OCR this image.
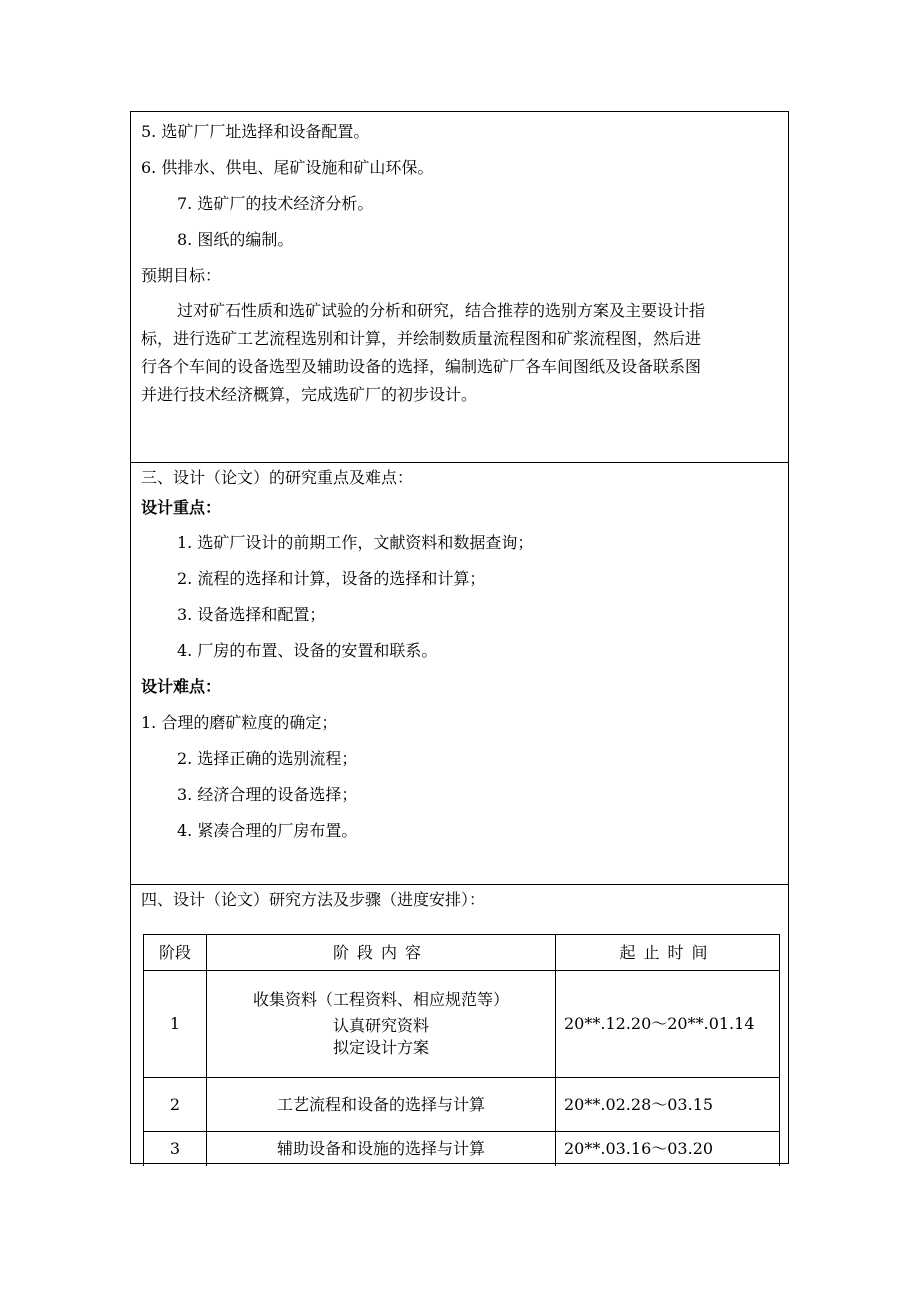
5. 选矿厂厂址选择和设备配置。
6. 供排水、供电、尾矿设施和矿山环保。
7. 选矿厂的技术经济分析。
8. 图纸的编制。
预期目标：
过对矿石性质和选矿试验的分析和研究，结合推荐的选别方案及主要设计指
标，进行选矿工艺流程选别和计算，并绘制数质量流程图和矿浆流程图，然后进
行各个车间的设备选型及辅助设备的选择，编制选矿厂各车间图纸及设备联系图
并进行技术经济概算，完成选矿厂的初步设计。
三、设计（论文）的研究重点及难点：
设计重点：
1. 选矿厂设计的前期工作，文献资料和数据查询；
2. 流程的选择和计算，设备的选择和计算；
3. 设备选择和配置；
4. 厂房的布置、设备的安置和联系。
设计难点：
1. 合理的磨矿粒度的确定；
2. 选择正确的选别流程；
3. 经济合理的设备选择；
4. 紧凑合理的厂房布置。
四、设计（论文）研究方法及步骤（进度安排）：
阶段	阶段内容	起止时间
1	收集资料（工程资料、相应规范等）
认真研究资料
拟定设计方案	20**.12.20～20**.01.14
2	工艺流程和设备的选择与计算	20**.02.28～03.15
3	辅助设备和设施的选择与计算	20**.03.16～03.20
